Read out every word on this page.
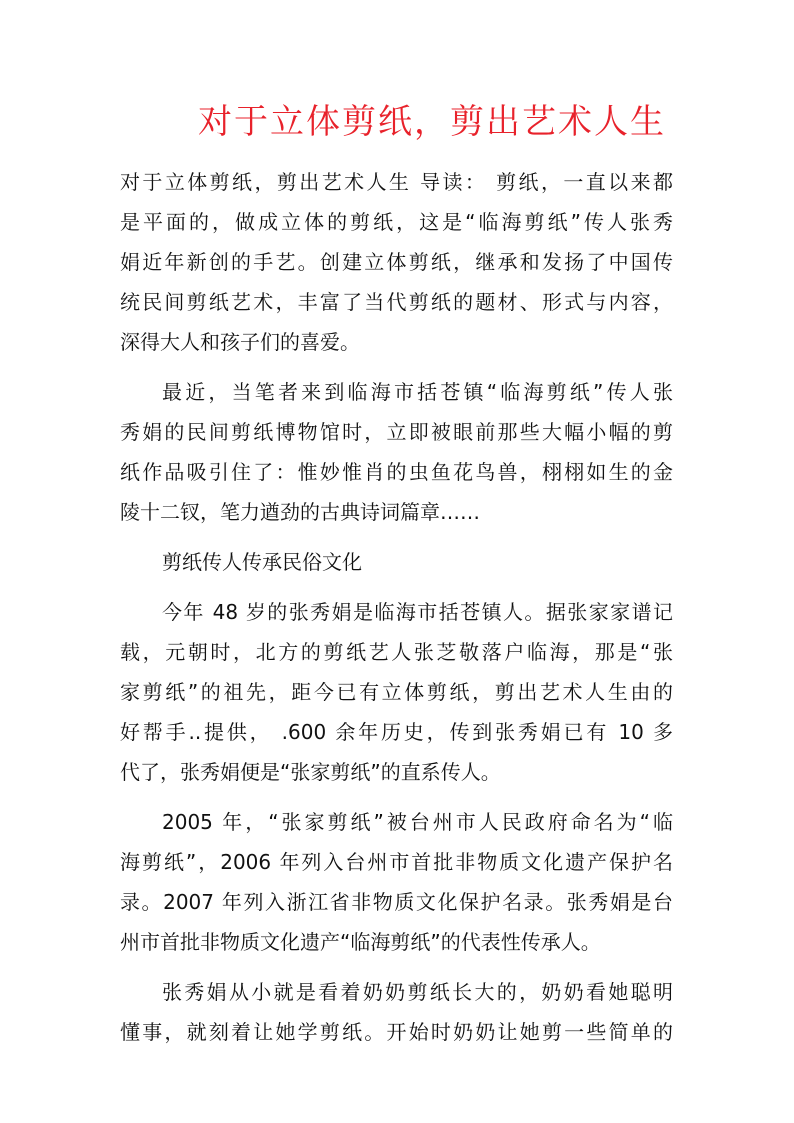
对于立体剪纸，剪出艺术人生
对于立体剪纸，剪出艺术人生 导读： 剪纸，一直以来都
是平面的，做成立体的剪纸，这是“临海剪纸”传人张秀
娟近年新创的手艺。创建立体剪纸，继承和发扬了中国传
统民间剪纸艺术，丰富了当代剪纸的题材、形式与内容，
深得大人和孩子们的喜爱。
最近，当笔者来到临海市括苍镇“临海剪纸”传人张
秀娟的民间剪纸博物馆时，立即被眼前那些大幅小幅的剪
纸作品吸引住了：惟妙惟肖的虫鱼花鸟兽，栩栩如生的金
陵十二钗，笔力遒劲的古典诗词篇章……
剪纸传人传承民俗文化
今年 48 岁的张秀娟是临海市括苍镇人。据张家家谱记
载，元朝时，北方的剪纸艺人张芝敬落户临海，那是“张
家剪纸”的祖先，距今已有立体剪纸，剪出艺术人生由的
好帮手..提供， .600 余年历史，传到张秀娟已有 10 多
代了，张秀娟便是“张家剪纸”的直系传人。
2005 年，“张家剪纸”被台州市人民政府命名为“临
海剪纸”，2006 年列入台州市首批非物质文化遗产保护名
录。2007 年列入浙江省非物质文化保护名录。张秀娟是台
州市首批非物质文化遗产“临海剪纸”的代表性传承人。
张秀娟从小就是看着奶奶剪纸长大的，奶奶看她聪明
懂事，就刻着让她学剪纸。开始时奶奶让她剪一些简单的
